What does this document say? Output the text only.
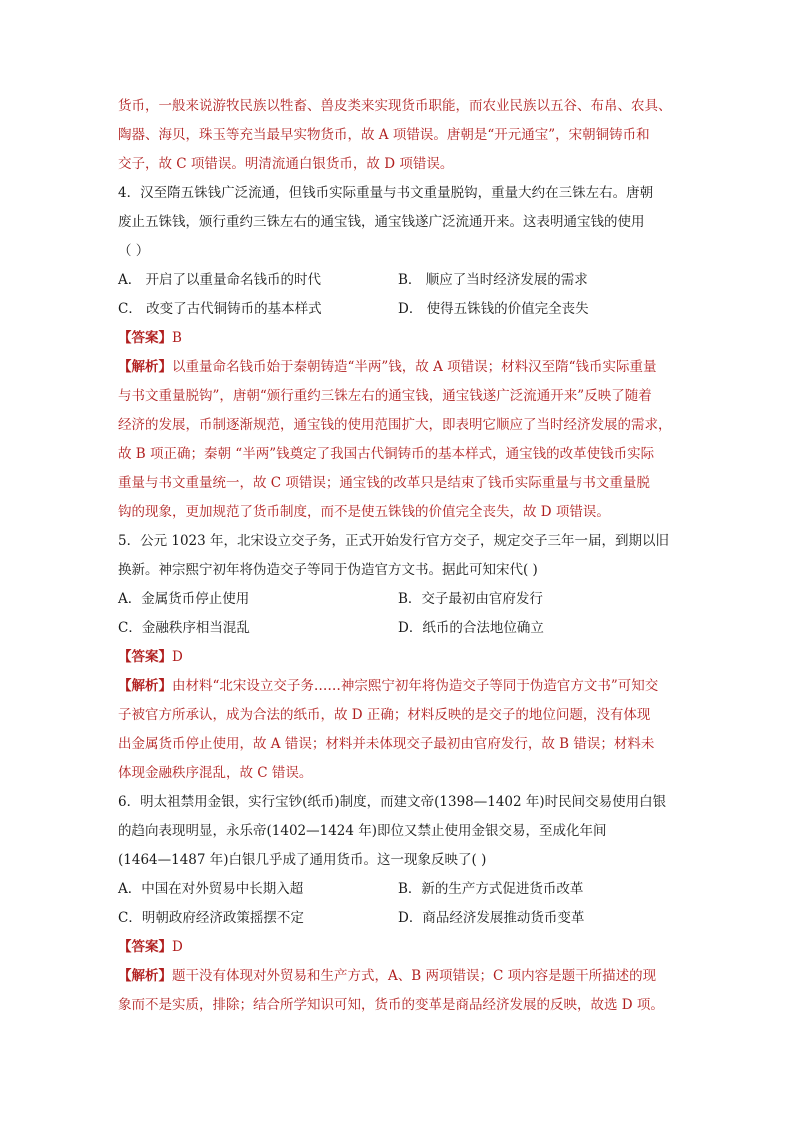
货币，一般来说游牧民族以牲畜、兽皮类来实现货币职能，而农业民族以五谷、布帛、农具、
陶器、海贝，珠玉等充当最早实物货币，故 A 项错误。唐朝是“开元通宝”，宋朝铜铸币和
交子，故 C 项错误。明清流通白银货币，故 D 项错误。
4．汉至隋五铢钱广泛流通，但钱币实际重量与书文重量脱钩，重量大约在三铢左右。唐朝
废止五铢钱，颁行重约三铢左右的通宝钱，通宝钱遂广泛流通开来。这表明通宝钱的使用
（ ）
A． 开启了以重量命名钱币的时代	B． 顺应了当时经济发展的需求
C． 改变了古代铜铸币的基本样式	D． 使得五铢钱的价值完全丧失
【答案】B
【解析】以重量命名钱币始于秦朝铸造“半两”钱，故 A 项错误；材料汉至隋“钱币实际重量
与书文重量脱钩”，唐朝“颁行重约三铢左右的通宝钱，通宝钱遂广泛流通开来”反映了随着
经济的发展，币制逐渐规范，通宝钱的使用范围扩大，即表明它顺应了当时经济发展的需求，
故 B 项正确；秦朝 “半两”钱奠定了我国古代铜铸币的基本样式，通宝钱的改革使钱币实际
重量与书文重量统一，故 C 项错误；通宝钱的改革只是结束了钱币实际重量与书文重量脱
钩的现象，更加规范了货币制度，而不是使五铢钱的价值完全丧失，故 D 项错误。
5．公元 1023 年，北宋设立交子务，正式开始发行官方交子，规定交子三年一届，到期以旧
换新。神宗熙宁初年将伪造交子等同于伪造官方文书。据此可知宋代( )
A．金属货币停止使用	B．交子最初由官府发行
C．金融秩序相当混乱	D．纸币的合法地位确立
【答案】D
【解析】由材料“北宋设立交子务……神宗熙宁初年将伪造交子等同于伪造官方文书”可知交
子被官方所承认，成为合法的纸币，故 D 正确；材料反映的是交子的地位问题，没有体现
出金属货币停止使用，故 A 错误；材料并未体现交子最初由官府发行，故 B 错误；材料未
体现金融秩序混乱，故 C 错误。
6．明太祖禁用金银，实行宝钞(纸币)制度，而建文帝(1398—1402 年)时民间交易使用白银
的趋向表现明显，永乐帝(1402—1424 年)即位又禁止使用金银交易，至成化年间
(1464—1487 年)白银几乎成了通用货币。这一现象反映了( )
A．中国在对外贸易中长期入超	B．新的生产方式促进货币改革
C．明朝政府经济政策摇摆不定	D．商品经济发展推动货币变革
【答案】D
【解析】题干没有体现对外贸易和生产方式，A、B 两项错误；C 项内容是题干所描述的现
象而不是实质，排除；结合所学知识可知，货币的变革是商品经济发展的反映，故选 D 项。
